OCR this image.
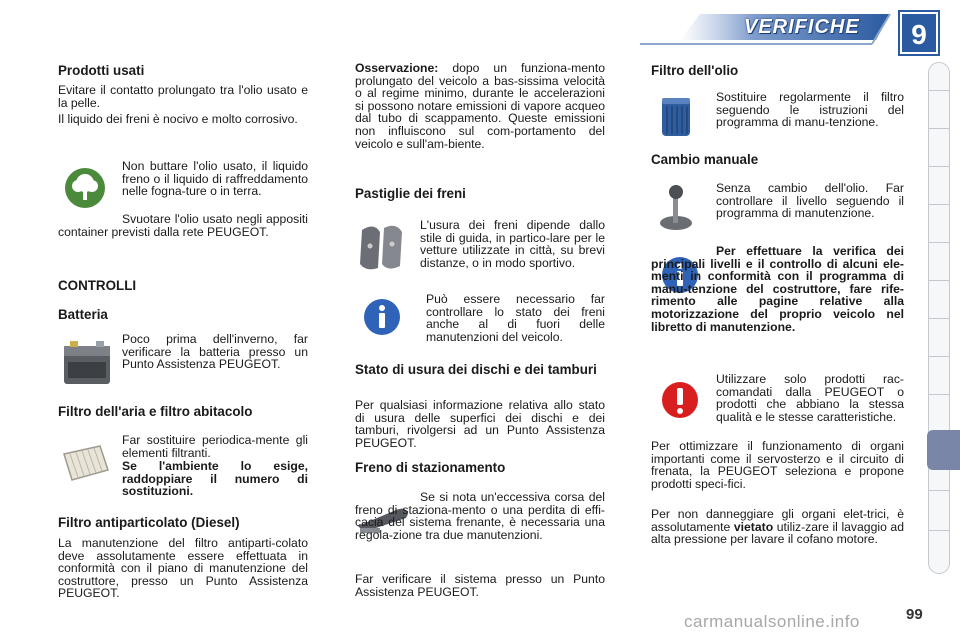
VERIFICHE	9
Prodotti usati
Evitare il contatto prolungato tra l'olio usato e la pelle.
Il liquido dei freni è nocivo e molto corrosivo.
Non buttare l'olio usato, il liquido freno o il liquido di raffreddamento nelle fogna-ture o in terra.
Svuotare l'olio usato negli appositi container previsti dalla rete PEUGEOT.
CONTROLLI
Batteria
Poco prima dell'inverno, far verificare la batteria presso un Punto Assistenza PEUGEOT.
Filtro dell'aria e filtro abitacolo
Far sostituire periodica-mente gli elementi filtranti.
Se l'ambiente lo esige, raddoppiare il numero di sostituzioni.
Filtro antiparticolato (Diesel)
La manutenzione del filtro antiparti-colato deve assolutamente essere effettuata in conformità con il piano di manutenzione del costruttore, presso un Punto Assistenza PEUGEOT.
Osservazione: dopo un funziona-mento prolungato del veicolo a bas-sissima velocità o al regime minimo, durante le accelerazioni si possono notare emissioni di vapore acqueo dal tubo di scappamento. Queste emissioni non influiscono sul com-portamento del veicolo e sull'am-biente.
Pastiglie dei freni
L'usura dei freni dipende dallo stile di guida, in partico-lare per le vetture utilizzate in città, su brevi distanze, o in modo sportivo.
Può essere necessario far controllare lo stato dei freni anche al di fuori delle manutenzioni del veicolo.
Stato di usura dei dischi e dei tamburi
Per qualsiasi informazione relativa allo stato di usura delle superfici dei dischi e dei tamburi, rivolgersi ad un Punto Assistenza PEUGEOT.
Freno di stazionamento
Se si nota un'eccessiva corsa del freno di staziona-mento o una perdita di effi-cacia del sistema frenante, è necessaria una regola-zione tra due manutenzioni.
Far verificare il sistema presso un Punto Assistenza PEUGEOT.
Filtro dell'olio
Sostituire regolarmente il filtro seguendo le istruzioni del programma di manu-tenzione.
Cambio manuale
Senza cambio dell'olio. Far controllare il livello seguendo il programma di manutenzione.
Per effettuare la verifica dei principali livelli e il controllo di alcuni ele-menti in conformità con il programma di manu-tenzione del costruttore, fare rife-rimento alle pagine relative alla motorizzazione del proprio veicolo nel libretto di manutenzione.
Utilizzare solo prodotti rac-comandati dalla PEUGEOT o prodotti che abbiano la stessa qualità e le stesse caratteristiche.
Per ottimizzare il funzionamento di organi importanti come il servosterzo e il circuito di frenata, la PEUGEOT seleziona e propone prodotti speci-fici.
Per non danneggiare gli organi elet-trici, è assolutamente vietato utiliz-zare il lavaggio ad alta pressione per lavare il cofano motore.
99
carmanualsonline.info
